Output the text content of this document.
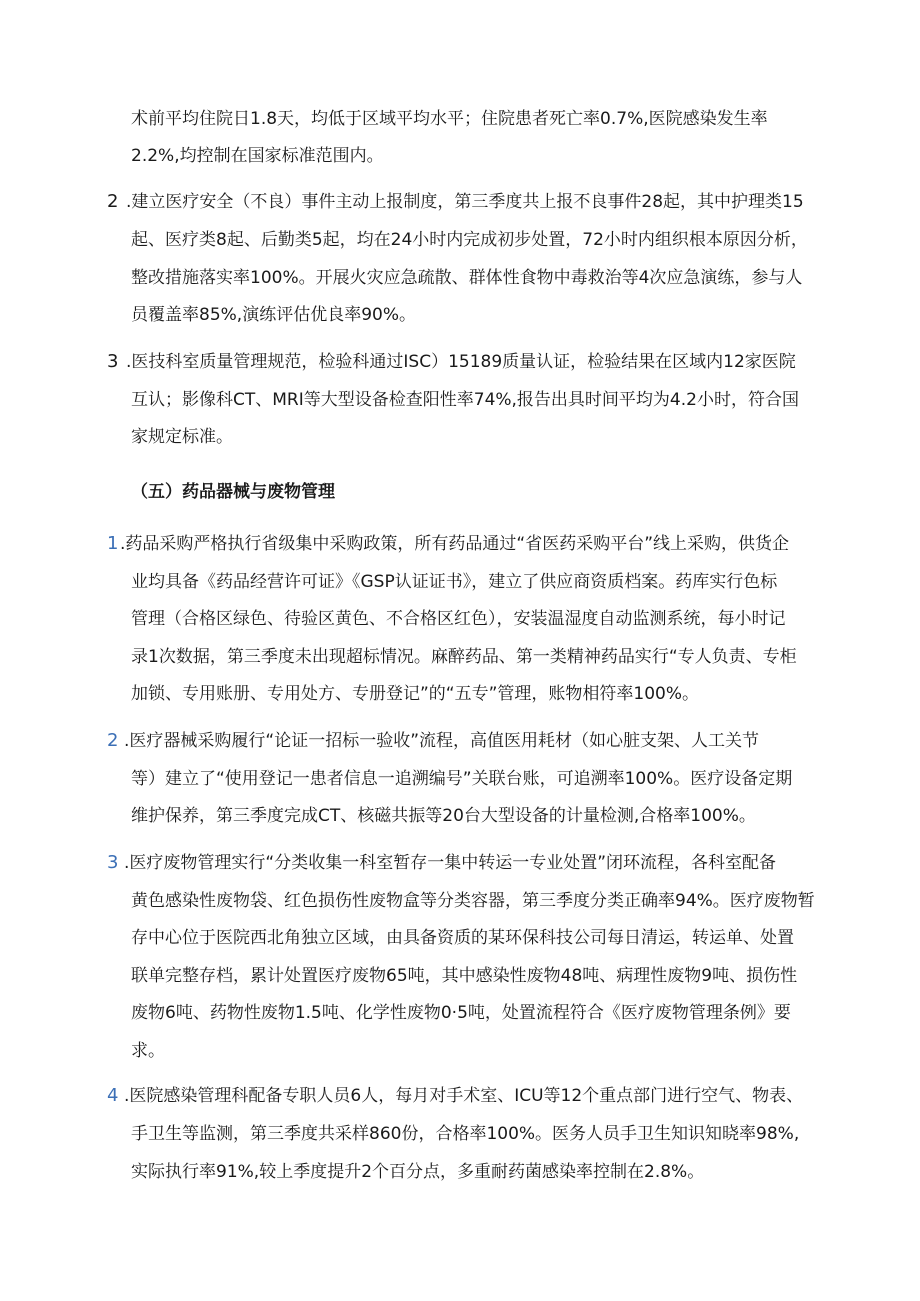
术前平均住院日1.8天，均低于区域平均水平；住院患者死亡率0.7%,医院感染发生率
2.2%,均控制在国家标准范围内。
2 .建立医疗安全（不良）事件主动上报制度，第三季度共上报不良事件28起，其中护理类15
起、医疗类8起、后勤类5起，均在24小时内完成初步处置，72小时内组织根本原因分析，
整改措施落实率100%。开展火灾应急疏散、群体性食物中毒救治等4次应急演练，参与人
员覆盖率85%,演练评估优良率90%。
3 .医技科室质量管理规范，检验科通过ISC）15189质量认证，检验结果在区域内12家医院
互认；影像科CT、MRI等大型设备检查阳性率74%,报告出具时间平均为4.2小时，符合国
家规定标准。
（五）药品器械与废物管理
1 .药品采购严格执行省级集中采购政策，所有药品通过“省医药采购平台”线上采购，供货企
业均具备《药品经营许可证》《GSP认证证书》，建立了供应商资质档案。药库实行色标
管理（合格区绿色、待验区黄色、不合格区红色），安装温湿度自动监测系统，每小时记
录1次数据，第三季度未出现超标情况。麻醉药品、第一类精神药品实行“专人负责、专柜
加锁、专用账册、专用处方、专册登记”的“五专”管理，账物相符率100%。
2 .医疗器械采购履行“论证一招标一验收”流程，高值医用耗材（如心脏支架、人工关节
等）建立了“使用登记一患者信息一追溯编号”关联台账，可追溯率100%。医疗设备定期
维护保养，第三季度完成CT、核磁共振等20台大型设备的计量检测,合格率100%。
3 .医疗废物管理实行“分类收集一科室暂存一集中转运一专业处置”闭环流程，各科室配备
黄色感染性废物袋、红色损伤性废物盒等分类容器，第三季度分类正确率94%。医疗废物暂
存中心位于医院西北角独立区域，由具备资质的某环保科技公司每日清运，转运单、处置
联单完整存档，累计处置医疗废物65吨，其中感染性废物48吨、病理性废物9吨、损伤性
废物6吨、药物性废物1.5吨、化学性废物0·5吨，处置流程符合《医疗废物管理条例》要
求。
4 .医院感染管理科配备专职人员6人，每月对手术室、ICU等12个重点部门进行空气、物表、
手卫生等监测，第三季度共采样860份，合格率100%。医务人员手卫生知识知晓率98%,
实际执行率91%,较上季度提升2个百分点，多重耐药菌感染率控制在2.8%。
